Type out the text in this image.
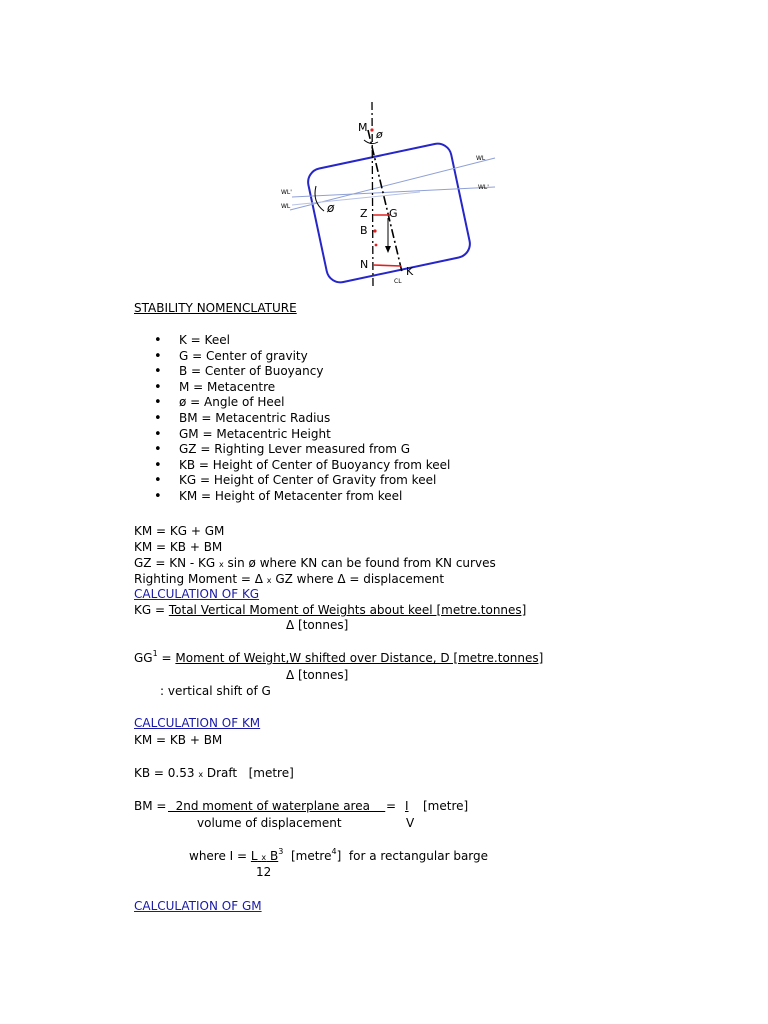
M
ø
ø Z G
B
N
K
WL
WL'
WL'
WL
CL
STABILITY NOMENCLATURE
• K = Keel
• G = Center of gravity
• B = Center of Buoyancy
• M = Metacentre
• ø = Angle of Heel
• BM = Metacentric Radius
• GM = Metacentric Height
• GZ = Righting Lever measured from G
• KB = Height of Center of Buoyancy from keel
• KG = Height of Center of Gravity from keel
• KM = Height of Metacenter from keel
KM = KG + GM
KM = KB + BM
GZ = KN - KG x sin ø where KN can be found from KN curves
Righting Moment = Δ x GZ where Δ = displacement
CALCULATION OF KG
KG = Total Vertical Moment of Weights about keel [metre.tonnes]
Δ [tonnes]
$GG^1$ = Moment of Weight,W shifted over Distance, D [metre.tonnes]
Δ [tonnes]
: vertical shift of G
CALCULATION OF KM
KM = KB + BM
KB = 0.53 x Draft   [metre]
BM = 2nd moment of waterplane area
volume of displacement
= I [metre]
V
where I = L x $B^3$ [metre$^4$]  for a rectangular barge
12
CALCULATION OF GM
